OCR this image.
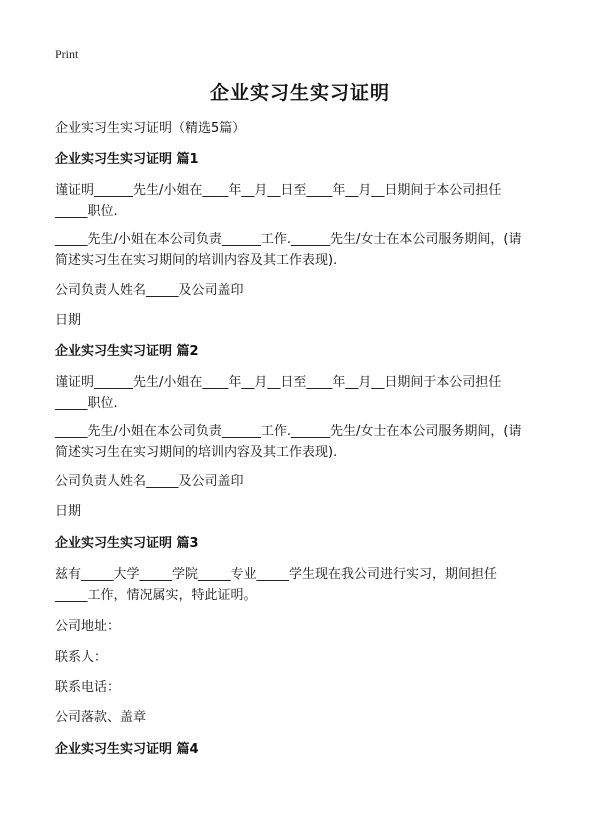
Print
企业实习生实习证明
企业实习生实习证明（精选5篇）
企业实习生实习证明 篇1
谨证明______先生/小姐在____年__月__日至____年__月__日期间于本公司担任
_____职位.
_____先生/小姐在本公司负责______工作.______先生/女士在本公司服务期间，(请
简述实习生在实习期间的培训内容及其工作表现).
公司负责人姓名_____及公司盖印
日期
企业实习生实习证明 篇2
谨证明______先生/小姐在____年__月__日至____年__月__日期间于本公司担任
_____职位.
_____先生/小姐在本公司负责______工作.______先生/女士在本公司服务期间，(请
简述实习生在实习期间的培训内容及其工作表现).
公司负责人姓名_____及公司盖印
日期
企业实习生实习证明 篇3
兹有_____大学_____学院_____专业_____学生现在我公司进行实习，期间担任
_____工作，情况属实，特此证明。
公司地址：
联系人：
联系电话：
公司落款、盖章
企业实习生实习证明 篇4
